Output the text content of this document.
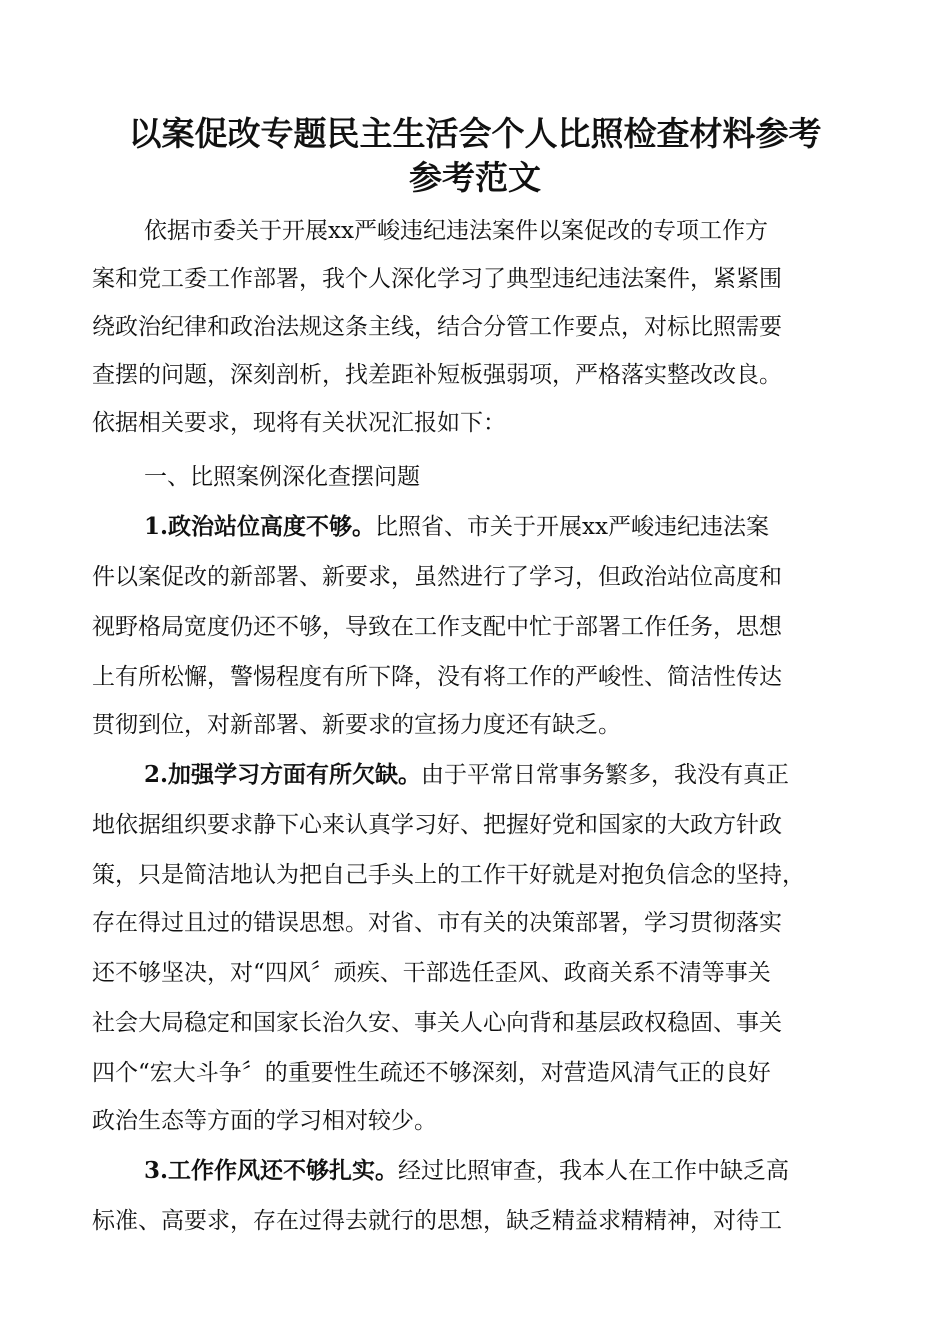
以案促改专题民主生活会个人比照检查材料参考
参考范文
依据市委关于开展xx严峻违纪违法案件以案促改的专项工作方
案和党工委工作部署，我个人深化学习了典型违纪违法案件，紧紧围
绕政治纪律和政治法规这条主线，结合分管工作要点，对标比照需要
查摆的问题，深刻剖析，找差距补短板强弱项，严格落实整改改良。
依据相关要求，现将有关状况汇报如下：
一、比照案例深化查摆问题
1.政治站位高度不够。比照省、市关于开展xx严峻违纪违法案
件以案促改的新部署、新要求，虽然进行了学习，但政治站位高度和
视野格局宽度仍还不够，导致在工作支配中忙于部署工作任务，思想
上有所松懈，警惕程度有所下降，没有将工作的严峻性、简洁性传达
贯彻到位，对新部署、新要求的宣扬力度还有缺乏。
2.加强学习方面有所欠缺。由于平常日常事务繁多，我没有真正
地依据组织要求静下心来认真学习好、把握好党和国家的大政方针政
策，只是简洁地认为把自己手头上的工作干好就是对抱负信念的坚持，
存在得过且过的错误思想。对省、市有关的决策部署，学习贯彻落实
还不够坚决，对“四风〞顽疾、干部选任歪风、政商关系不清等事关
社会大局稳定和国家长治久安、事关人心向背和基层政权稳固、事关
四个“宏大斗争〞的重要性生疏还不够深刻，对营造风清气正的良好
政治生态等方面的学习相对较少。
3.工作作风还不够扎实。经过比照审查，我本人在工作中缺乏高
标准、高要求，存在过得去就行的思想，缺乏精益求精精神，对待工
